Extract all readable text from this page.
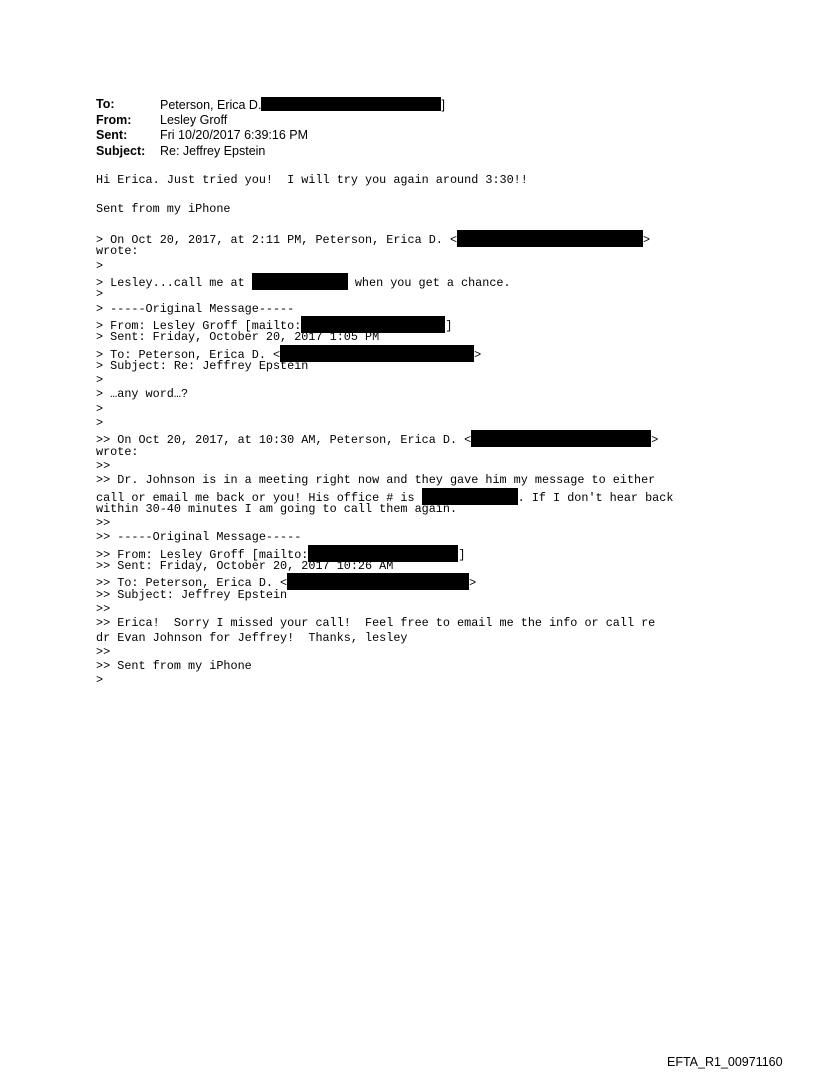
To:	Peterson, Erica D.	]
From: Lesley Groff
Sent:	Fri 10/20/2017 6:39:16 PM
Subject: Re: Jeffrey Epstein
Hi Erica. Just tried you!  I will try you again around 3:30!!
Sent from my iPhone
> On Oct 20, 2017, at 2:11 PM, Peterson, Erica D. <	>
wrote:
>
> Lesley...call me at	when you get a chance.
>
> -----Original Message-----
> From: Lesley Groff [mailto:	]
> Sent: Friday, October 20, 2017 1:05 PM
> To: Peterson, Erica D. <	>
> Subject: Re: Jeffrey Epstein
>
> …any word…?
>
>
>> On Oct 20, 2017, at 10:30 AM, Peterson, Erica D. <	>
wrote:
>>
>> Dr. Johnson is in a meeting right now and they gave him my message to either
call or email me back or you! His office # is	. If I don't hear back
within 30-40 minutes I am going to call them again.
>>
>> -----Original Message-----
>> From: Lesley Groff [mailto:	]
>> Sent: Friday, October 20, 2017 10:26 AM
>> To: Peterson, Erica D. <	>
>> Subject: Jeffrey Epstein
>>
>> Erica!  Sorry I missed your call!  Feel free to email me the info or call re
dr Evan Johnson for Jeffrey!  Thanks, lesley
>>
>> Sent from my iPhone
>
EFTA_R1_00971160
